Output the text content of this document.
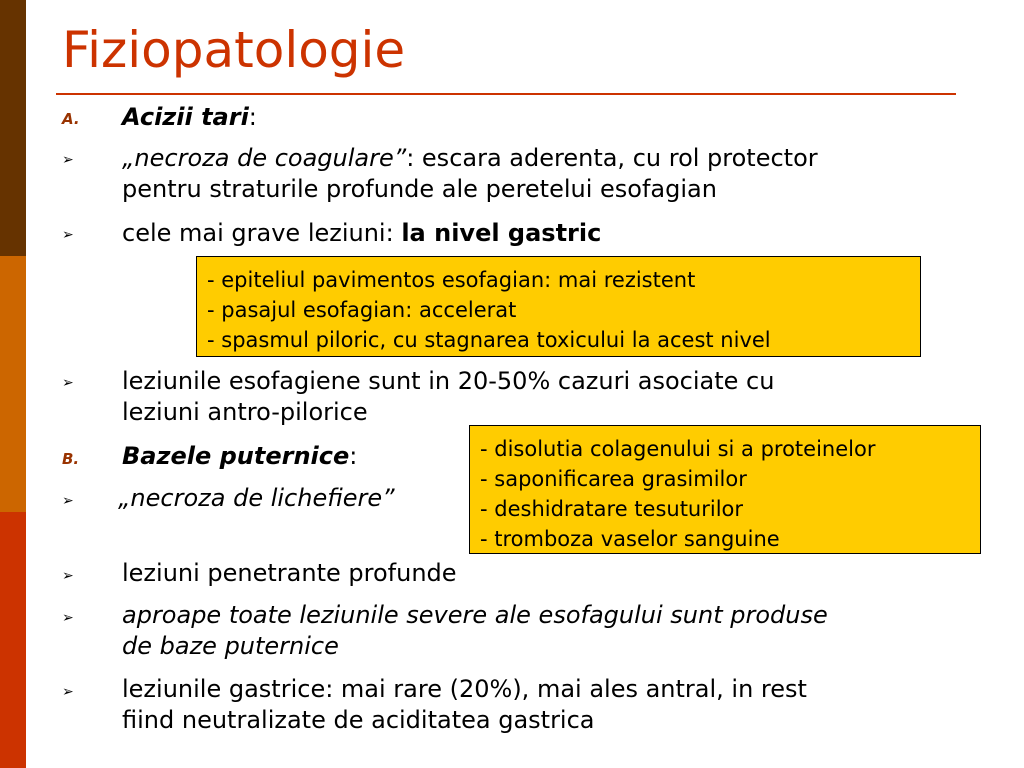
Fiziopatologie
A. Acizii tari:
➢ „necroza de coagulare”: escara aderenta, cu rol protector
pentru straturile profunde ale peretelui esofagian
➢ cele mai grave leziuni: la nivel gastric
- epiteliul pavimentos esofagian: mai rezistent
- pasajul esofagian: accelerat
- spasmul piloric, cu stagnarea toxicului la acest nivel
➢ leziunile esofagiene sunt in 20-50% cazuri asociate cu
leziuni antro-pilorice
B. Bazele puternice:
➢ „necroza de lichefiere”
- disolutia colagenului si a proteinelor
- saponificarea grasimilor
- deshidratare tesuturilor
- tromboza vaselor sanguine
➢ leziuni penetrante profunde
➢ aproape toate leziunile severe ale esofagului sunt produse
de baze puternice
➢ leziunile gastrice: mai rare (20%), mai ales antral, in rest
fiind neutralizate de aciditatea gastrica
